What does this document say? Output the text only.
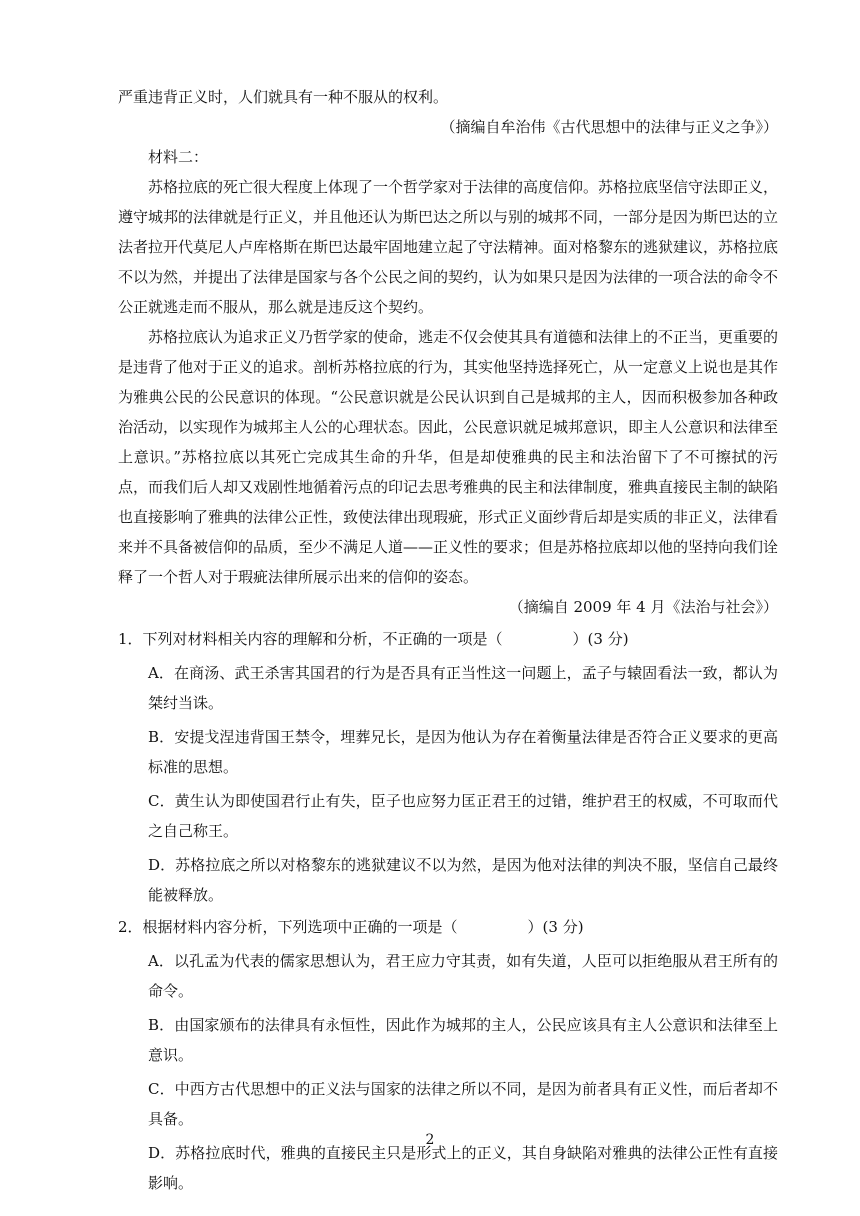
严重违背正义时，人们就具有一种不服从的权利。

（摘编自牟治伟《古代思想中的法律与正义之争》）

材料二：

苏格拉底的死亡很大程度上体现了一个哲学家对于法律的高度信仰。苏格拉底坚信守法即正义，遵守城邦的法律就是行正义，并且他还认为斯巴达之所以与别的城邦不同，一部分是因为斯巴达的立法者拉开代莫尼人卢库格斯在斯巴达最牢固地建立起了守法精神。面对格黎东的逃狱建议，苏格拉底不以为然，并提出了法律是国家与各个公民之间的契约，认为如果只是因为法律的一项合法的命令不公正就逃走而不服从，那么就是违反这个契约。

苏格拉底认为追求正义乃哲学家的使命，逃走不仅会使其具有道德和法律上的不正当，更重要的是违背了他对于正义的追求。剖析苏格拉底的行为，其实他坚持选择死亡，从一定意义上说也是其作为雅典公民的公民意识的体现。“公民意识就是公民认识到自己是城邦的主人，因而积极参加各种政治活动，以实现作为城邦主人公的心理状态。因此，公民意识就足城邦意识，即主人公意识和法律至上意识。”苏格拉底以其死亡完成其生命的升华，但是却使雅典的民主和法治留下了不可擦拭的污点，而我们后人却又戏剧性地循着污点的印记去思考雅典的民主和法律制度，雅典直接民主制的缺陷也直接影响了雅典的法律公正性，致使法律出现瑕疵，形式正义面纱背后却是实质的非正义，法律看来并不具备被信仰的品质，至少不满足人道——正义性的要求；但是苏格拉底却以他的坚持向我们诠释了一个哲人对于瑕疵法律所展示出来的信仰的姿态。

（摘编自 2009 年 4 月《法治与社会》）

1．下列对材料相关内容的理解和分析，不正确的一项是（	）(3 分)

A．在商汤、武王杀害其国君的行为是否具有正当性这一问题上，孟子与辕固看法一致，都认为桀纣当诛。

B．安提戈涅违背国王禁令，埋葬兄长，是因为他认为存在着衡量法律是否符合正义要求的更高标准的思想。

C．黄生认为即使国君行止有失，臣子也应努力匡正君王的过错，维护君王的权威，不可取而代之自己称王。

D．苏格拉底之所以对格黎东的逃狱建议不以为然，是因为他对法律的判决不服，坚信自己最终能被释放。

2．根据材料内容分析，下列选项中正确的一项是（	）(3 分)

A．以孔孟为代表的儒家思想认为，君王应力守其责，如有失道，人臣可以拒绝服从君王所有的命令。

B．由国家颁布的法律具有永恒性，因此作为城邦的主人，公民应该具有主人公意识和法律至上意识。

C．中西方古代思想中的正义法与国家的法律之所以不同，是因为前者具有正义性，而后者却不具备。

D．苏格拉底时代，雅典的直接民主只是形式上的正义，其自身缺陷对雅典的法律公正性有直接影响。

2
